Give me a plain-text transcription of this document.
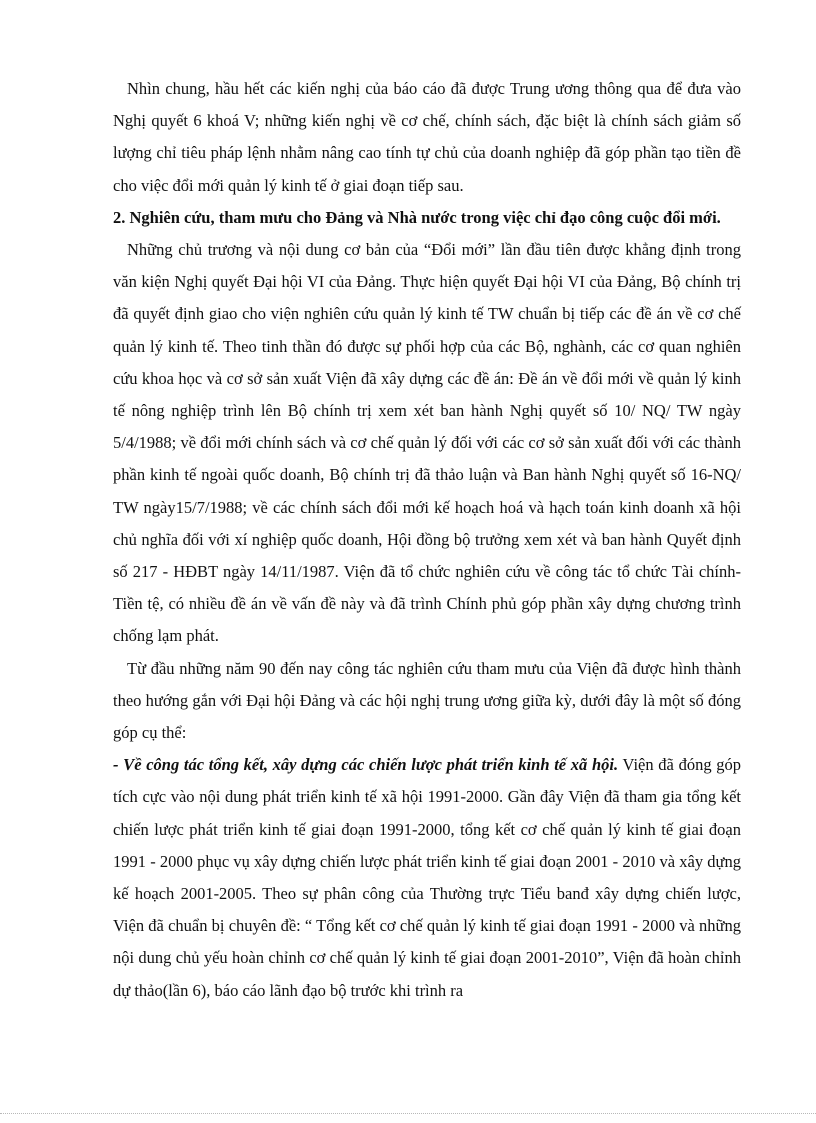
Nhìn chung, hầu hết các kiến nghị của báo cáo đã được Trung ương thông qua để đưa vào Nghị quyết 6 khoá V; những kiến nghị về cơ chế, chính sách, đặc biệt là chính sách giảm số lượng chỉ tiêu pháp lệnh nhằm nâng cao tính tự chủ của doanh nghiệp đã góp phần tạo tiền đề cho việc đổi mới quản lý kinh tế ở giai đoạn tiếp sau.

2. Nghiên cứu, tham mưu cho Đảng và Nhà nước trong việc chỉ đạo công cuộc đổi mới.

Những chủ trương và nội dung cơ bản của “Đổi mới” lần đầu tiên được khẳng định trong văn kiện Nghị quyết Đại hội VI của Đảng. Thực hiện quyết Đại hội VI của Đảng, Bộ chính trị đã quyết định giao cho viện nghiên cứu quản lý kinh tế TW chuẩn bị tiếp các đề án về cơ chế quản lý kinh tế. Theo tinh thần đó được sự phối hợp của các Bộ, nghành, các cơ quan nghiên cứu khoa học và cơ sở sản xuất Viện đã xây dựng các đề án: Đề án về đổi mới về quản lý kinh tế nông nghiệp trình lên Bộ chính trị xem xét ban hành Nghị quyết số 10/ NQ/ TW ngày 5/4/1988; về đổi mới chính sách và cơ chế quản lý đối với các cơ sở sản xuất đối với các thành phần kinh tế ngoài quốc doanh, Bộ chính trị đã thảo luận và Ban hành Nghị quyết số 16-NQ/ TW ngày15/7/1988; về các chính sách đổi mới kế hoạch hoá và hạch toán kinh doanh xã hội chủ nghĩa đối với xí nghiệp quốc doanh, Hội đồng bộ trưởng xem xét và ban hành Quyết định số 217 - HĐBT ngày 14/11/1987. Viện đã tổ chức nghiên cứu về công tác tổ chức Tài chính- Tiền tệ, có nhiều đề án về vấn đề này và đã trình Chính phủ góp phần xây dựng chương trình chống lạm phát.

Từ đầu những năm 90 đến nay công tác nghiên cứu tham mưu của Viện đã được hình thành theo hướng gắn với Đại hội Đảng và các hội nghị trung ương giữa kỳ, dưới đây là một số đóng góp cụ thể:

- Về công tác tổng kết, xây dựng các chiến lược phát triển kinh tế xã hội. Viện đã đóng góp tích cực vào nội dung phát triển kinh tế xã hội 1991-2000. Gần đây Viện đã tham gia tổng kết chiến lược phát triển kinh tế giai đoạn 1991-2000, tổng kết cơ chế quản lý kinh tế giai đoạn 1991 - 2000 phục vụ xây dựng chiến lược phát triển kinh tế giai đoạn 2001 - 2010 và xây dựng kế hoạch 2001-2005. Theo sự phân công của Thường trực Tiểu banđ xây dựng chiến lược, Viện đã chuẩn bị chuyên đề: “ Tổng kết cơ chế quản lý kinh tế giai đoạn 1991 - 2000 và những nội dung chủ yếu hoàn chỉnh cơ chế quản lý kinh tế giai đoạn 2001-2010”, Viện đã hoàn chỉnh dự thảo(lần 6), báo cáo lãnh đạo bộ trước khi trình ra
